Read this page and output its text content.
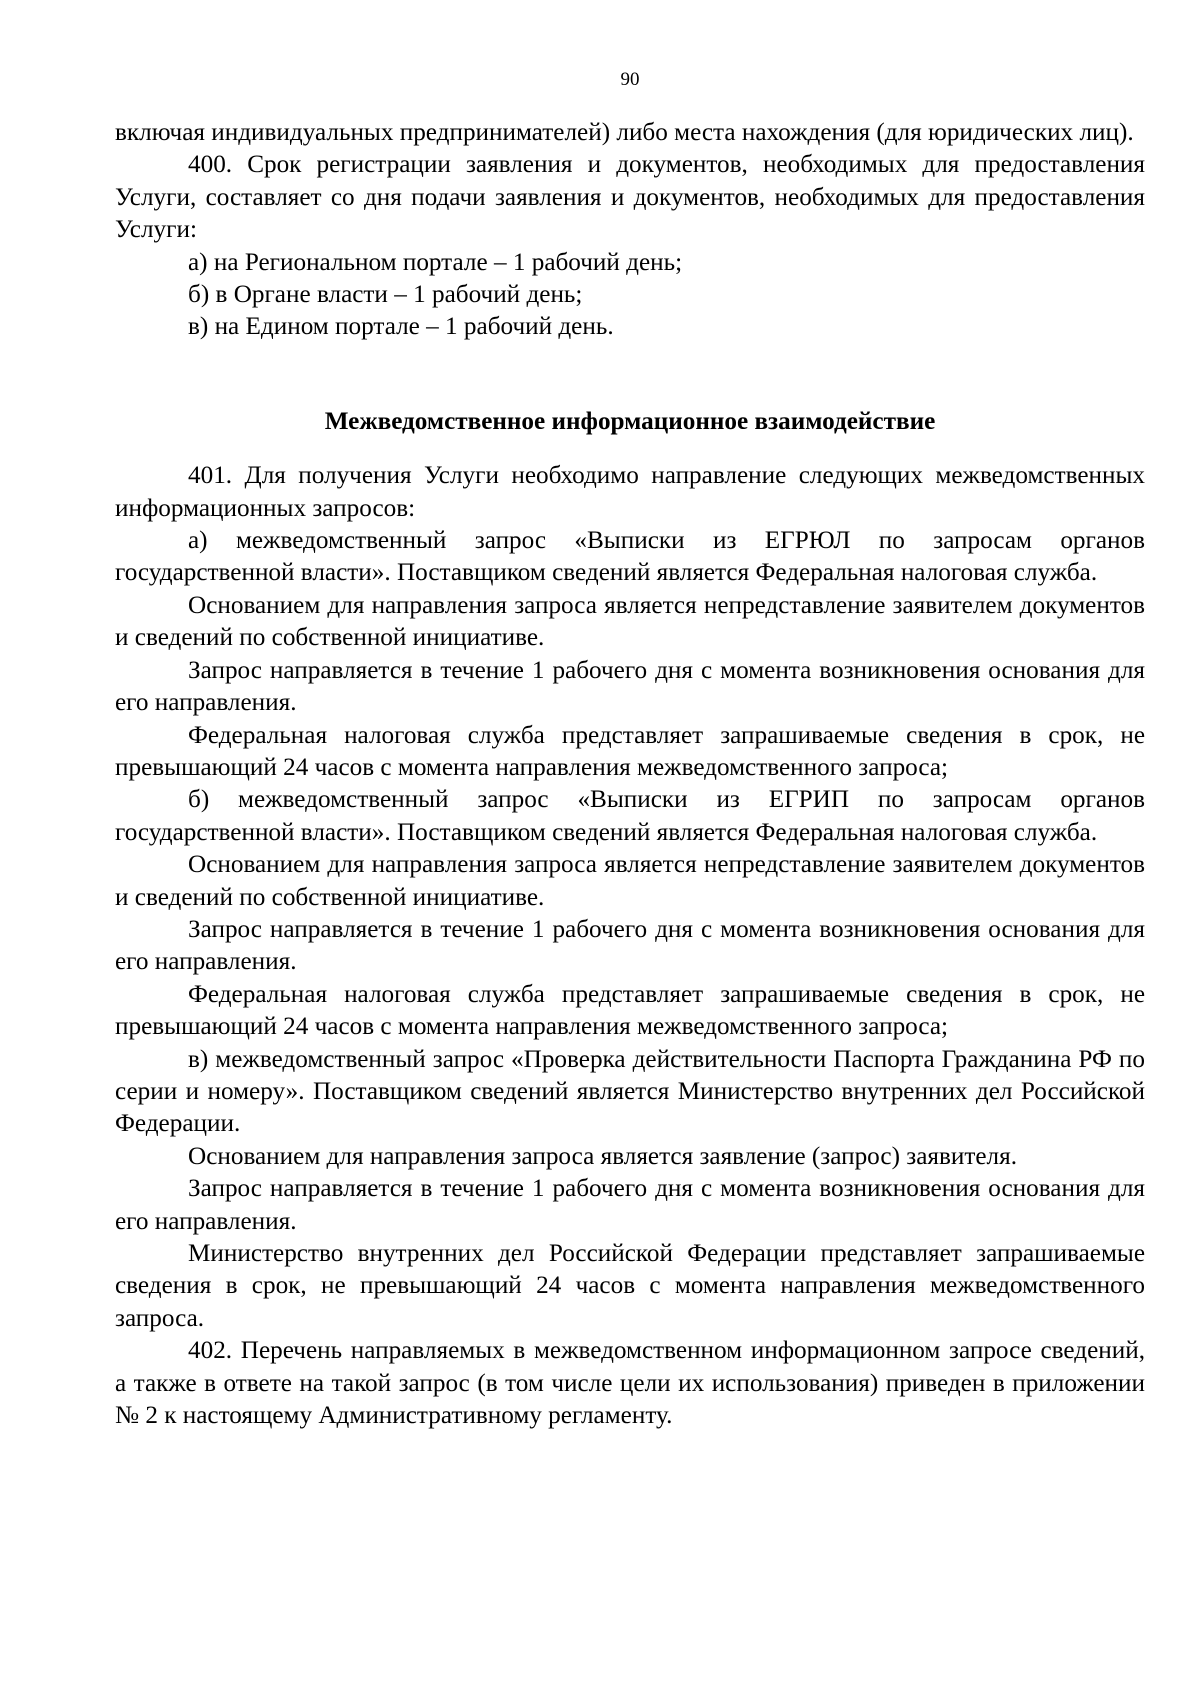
90

включая индивидуальных предпринимателей) либо места нахождения (для юридических лиц).

400. Срок регистрации заявления и документов, необходимых для предоставления Услуги, составляет со дня подачи заявления и документов, необходимых для предоставления Услуги:

а) на Региональном портале – 1 рабочий день;

б) в Органе власти – 1 рабочий день;

в) на Едином портале – 1 рабочий день.

Межведомственное информационное взаимодействие

401. Для получения Услуги необходимо направление следующих межведомственных информационных запросов:

а) межведомственный запрос «Выписки из ЕГРЮЛ по запросам органов государственной власти». Поставщиком сведений является Федеральная налоговая служба.

Основанием для направления запроса является непредставление заявителем документов и сведений по собственной инициативе.

Запрос направляется в течение 1 рабочего дня с момента возникновения основания для его направления.

Федеральная налоговая служба представляет запрашиваемые сведения в срок, не превышающий 24 часов с момента направления межведомственного запроса;

б) межведомственный запрос «Выписки из ЕГРИП по запросам органов государственной власти». Поставщиком сведений является Федеральная налоговая служба.

Основанием для направления запроса является непредставление заявителем документов и сведений по собственной инициативе.

Запрос направляется в течение 1 рабочего дня с момента возникновения основания для его направления.

Федеральная налоговая служба представляет запрашиваемые сведения в срок, не превышающий 24 часов с момента направления межведомственного запроса;

в) межведомственный запрос «Проверка действительности Паспорта Гражданина РФ по серии и номеру». Поставщиком сведений является Министерство внутренних дел Российской Федерации.

Основанием для направления запроса является заявление (запрос) заявителя.

Запрос направляется в течение 1 рабочего дня с момента возникновения основания для его направления.

Министерство внутренних дел Российской Федерации представляет запрашиваемые сведения в срок, не превышающий 24 часов с момента направления межведомственного запроса.

402. Перечень направляемых в межведомственном информационном запросе сведений, а также в ответе на такой запрос (в том числе цели их использования) приведен в приложении № 2 к настоящему Административному регламенту.
